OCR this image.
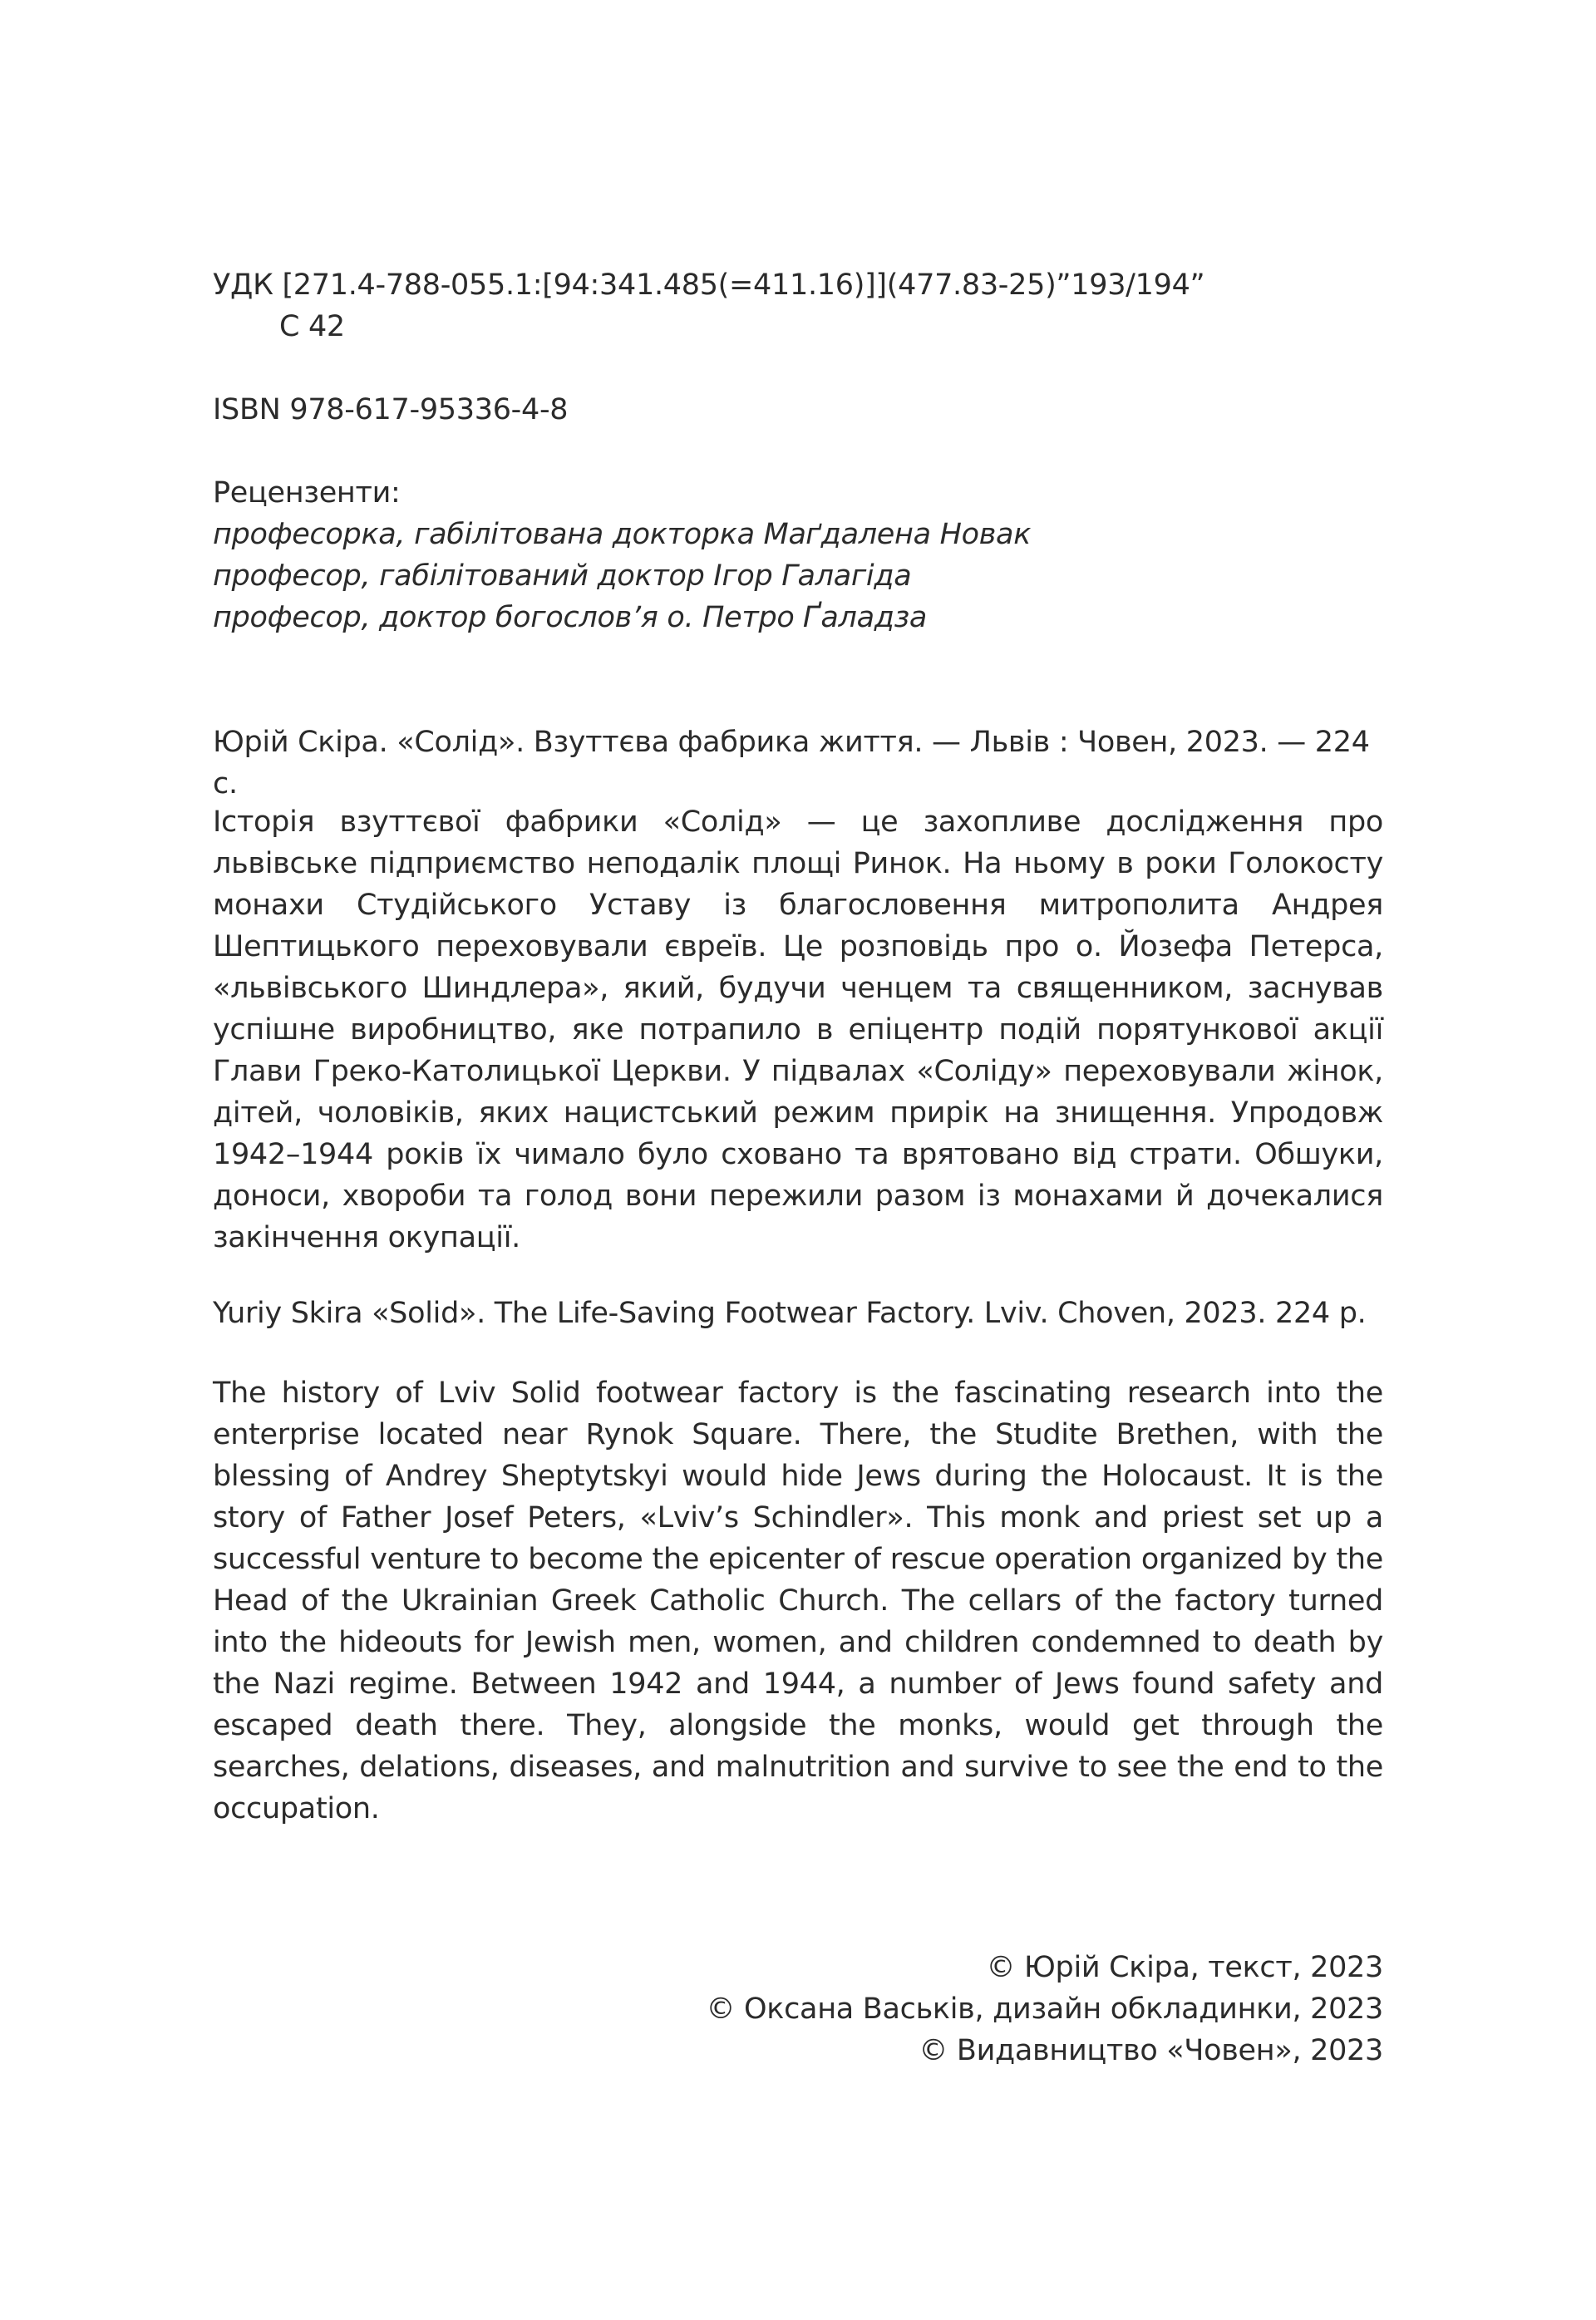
УДК [271.4-788-055.1:[94:341.485(=411.16)]](477.83-25)”193/194”
С 42
ISBN 978-617-95336-4-8
Рецензенти:
професорка, габілітована докторка Маґдалена Новак
професор, габілітований доктор Ігор Галагіда
професор, доктор богослов’я о. Петро Ґаладза
Юрій Скіра. «Солід». Взуттєва фабрика життя. — Львів : Човен, 2023. — 224 с.
Історія взуттєвої фабрики «Солід» — це захопливе дослідження про львівське підприємство неподалік площі Ринок. На ньому в роки Голокосту монахи Студійського Уставу із благословення митрополита Андрея Шептицького переховували євреїв. Це розповідь про о. Йозефа Петерса, «львівського Шиндлера», який, будучи ченцем та священником, заснував успішне виробництво, яке потрапило в епіцентр подій порятункової акції Глави Греко-Католицької Церкви. У підвалах «Соліду» переховували жінок, дітей, чоловіків, яких нацистський режим прирік на знищення. Упродовж 1942–1944 років їх чимало було сховано та врятовано від страти. Обшуки, доноси, хвороби та голод вони пережили разом із монахами й дочекалися закінчення окупації.
Yuriy Skira «Solid». The Life-Saving Footwear Factory. Lviv. Choven, 2023. 224 p.
The history of Lviv Solid footwear factory is the fascinating research into the enterprise located near Rynok Square. There, the Studite Brethen, with the blessing of Andrey Sheptytskyi would hide Jews during the Holocaust. It is the story of Father Josef Peters, «Lviv’s Schindler». This monk and priest set up a successful venture to become the epicenter of rescue operation organized by the Head of the Ukrainian Greek Catholic Church. The cellars of the factory turned into the hideouts for Jewish men, women, and children condemned to death by the Nazi regime. Between 1942 and 1944, a number of Jews found safety and escaped death there. They, alongside the monks, would get through the searches, delations, diseases, and malnutrition and survive to see the end to the occupation.
© Юрій Скіра, текст, 2023
© Оксана Васьків, дизайн обкладинки, 2023
© Видавництво «Човен», 2023
